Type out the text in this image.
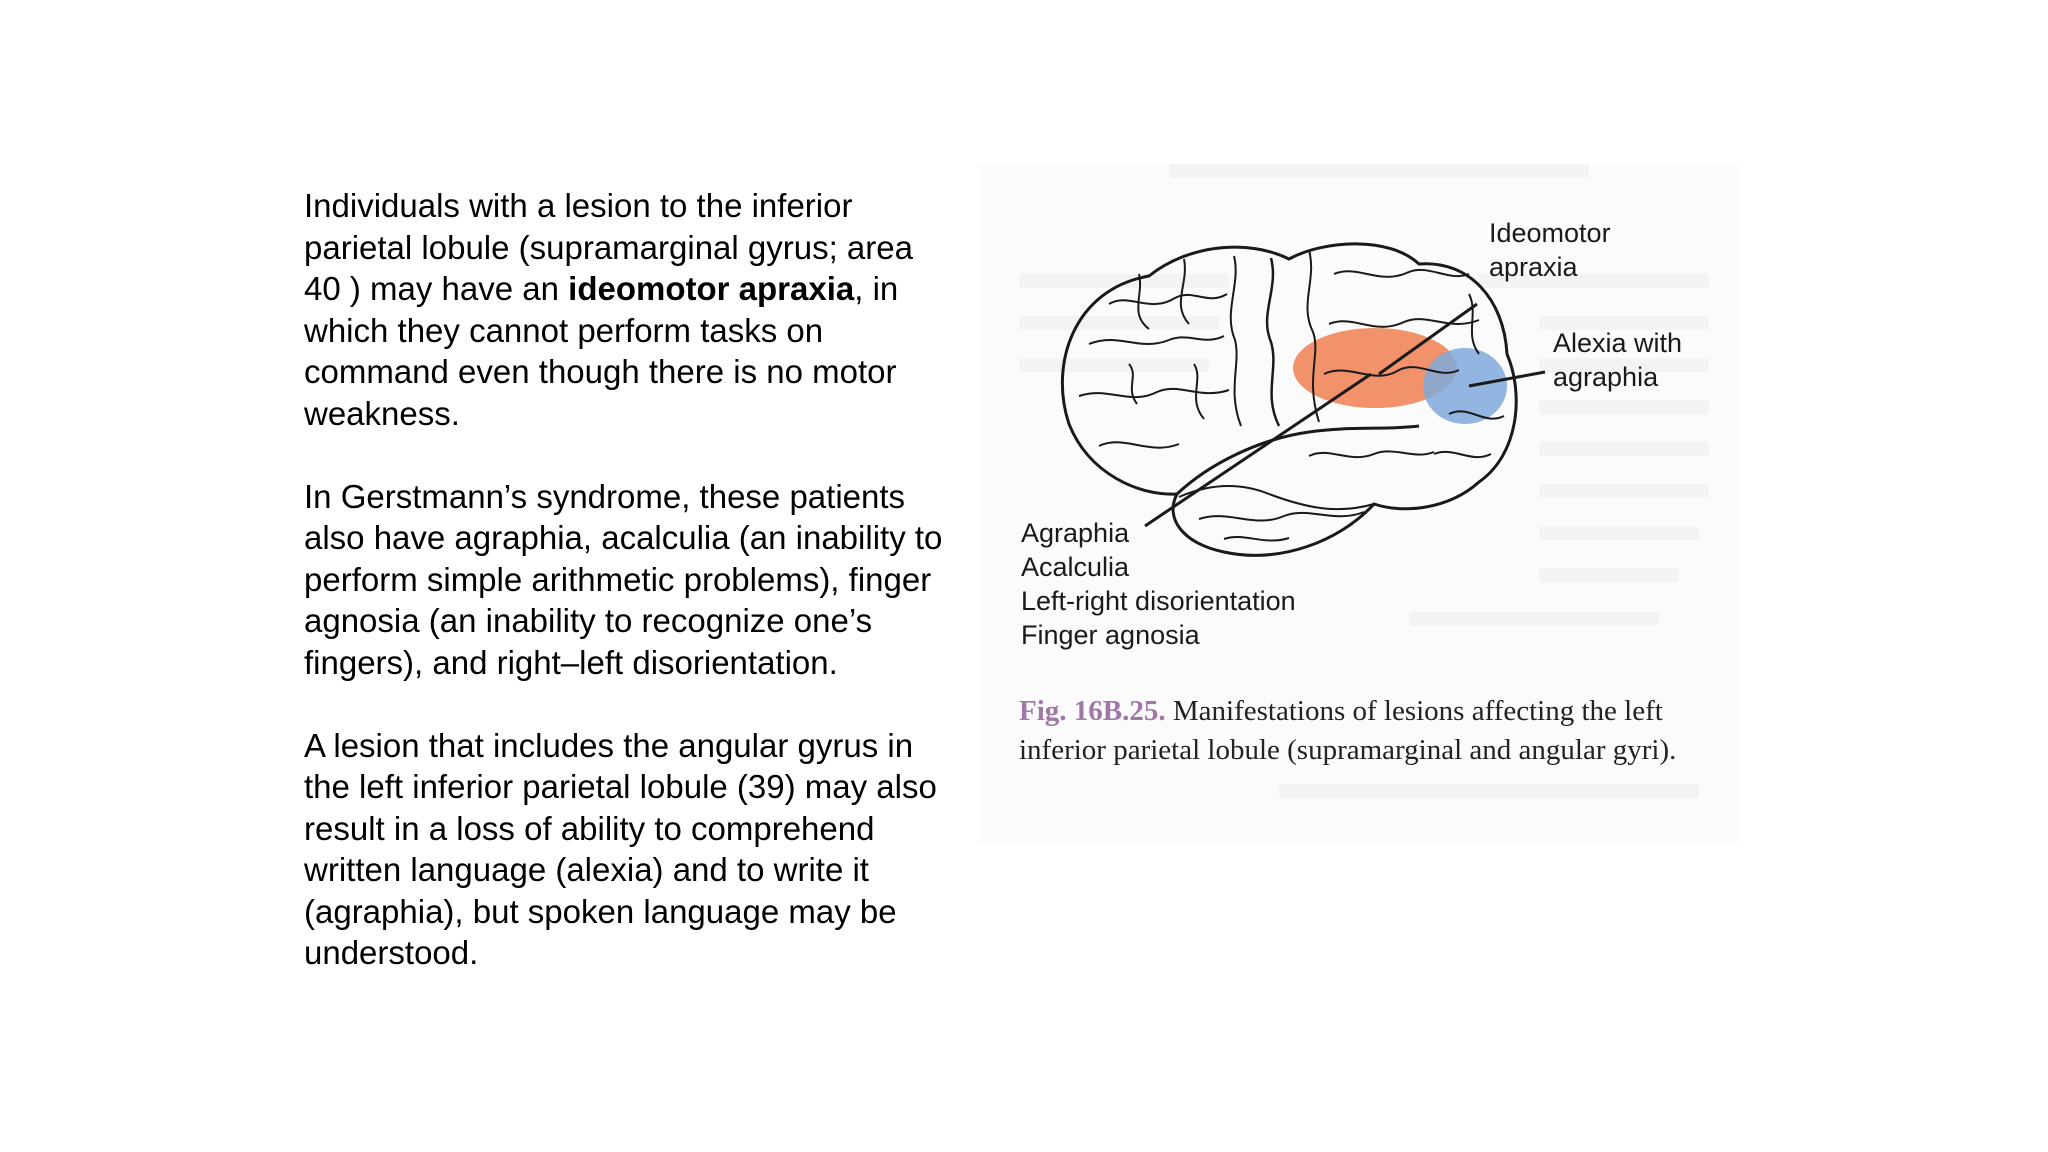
Individuals with a lesion to the inferior parietal lobule (supramarginal gyrus; area 40 ) may have an ideomotor apraxia, in which they cannot perform tasks on command even though there is no motor weakness.

In Gerstmann’s syndrome, these patients also have agraphia, acalculia (an inability to perform simple arithmetic problems), finger agnosia (an inability to recognize one’s fingers), and right–left disorientation.

A lesion that includes the angular gyrus in the left inferior parietal lobule (39) may also result in a loss of ability to comprehend written language (alexia) and to write it (agraphia), but spoken language may be understood.

Ideomotor
apraxia
Alexia with
agraphia
Agraphia
Acalculia
Left-right disorientation
Finger agnosia
Fig. 16B.25. Manifestations of lesions affecting the left inferior parietal lobule (supramarginal and angular gyri).
